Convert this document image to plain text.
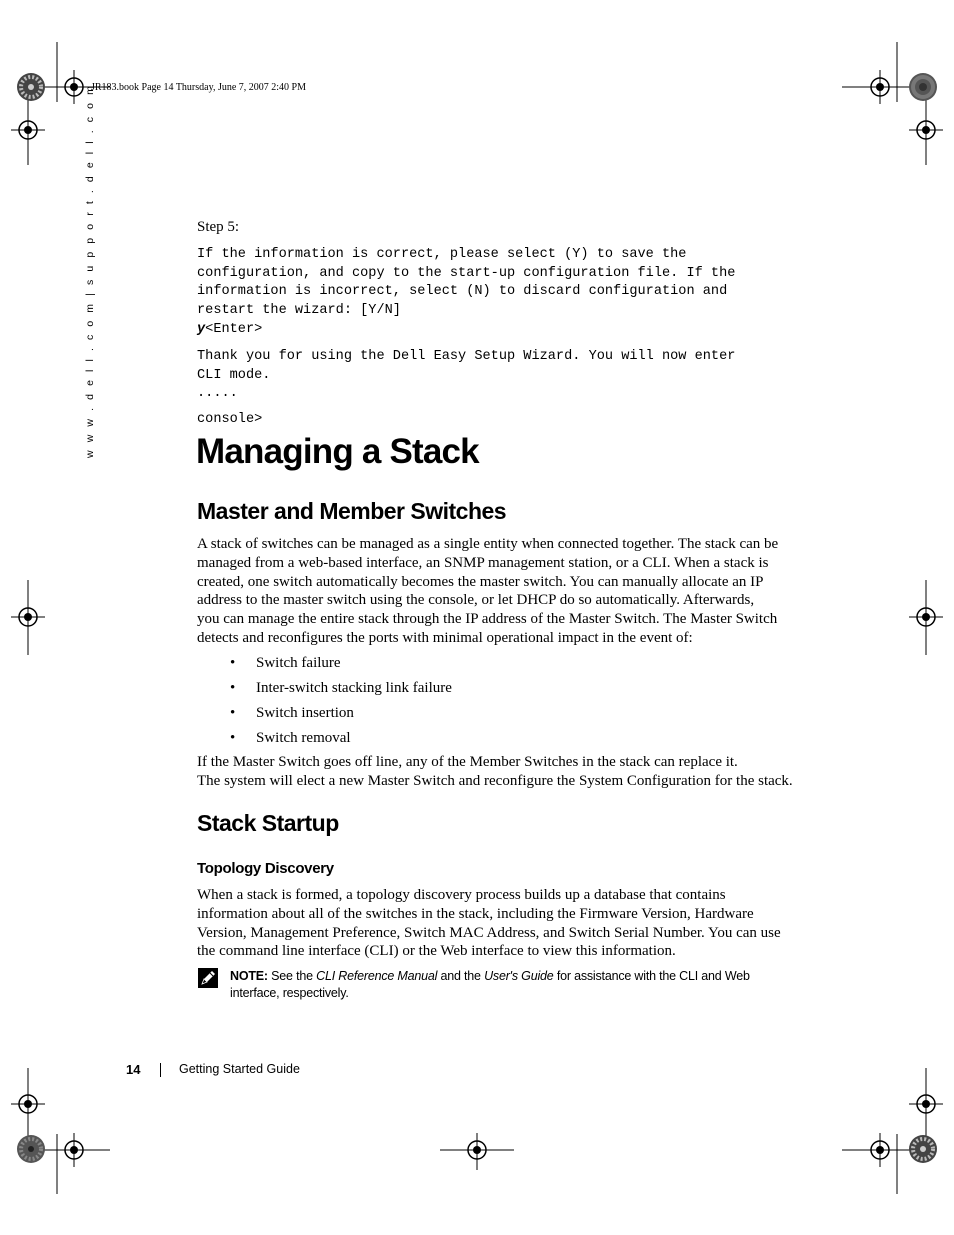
JR183.book Page 14 Thursday, June 7, 2007 2:40 PM
w w w . d e l l . c o m | s u p p o r t . d e l l . c o m	Step 5:
If the information is correct, please select (Y) to save the
configuration, and copy to the start-up configuration file. If the
information is incorrect, select (N) to discard configuration and
restart the wizard: [Y/N]
y<Enter>
Thank you for using the Dell Easy Setup Wizard. You will now enter
CLI mode.
.....
console>
Managing a Stack
Master and Member Switches
A stack of switches can be managed as a single entity when connected together. The stack can be
managed from a web-based interface, an SNMP management station, or a CLI. When a stack is
created, one switch automatically becomes the master switch. You can manually allocate an IP
address to the master switch using the console, or let DHCP do so automatically. Afterwards,
you can manage the entire stack through the IP address of the Master Switch. The Master Switch
detects and reconfigures the ports with minimal operational impact in the event of:
• Switch failure
• Inter-switch stacking link failure
• Switch insertion
• Switch removal
If the Master Switch goes off line, any of the Member Switches in the stack can replace it.
The system will elect a new Master Switch and reconfigure the System Configuration for the stack.
Stack Startup
Topology Discovery
When a stack is formed, a topology discovery process builds up a database that contains
information about all of the switches in the stack, including the Firmware Version, Hardware
Version, Management Preference, Switch MAC Address, and Switch Serial Number. You can use
the command line interface (CLI) or the Web interface to view this information.
NOTE: See the CLI Reference Manual and the User's Guide for assistance with the CLI and Web interface, respectively.
14	Getting Started Guide
